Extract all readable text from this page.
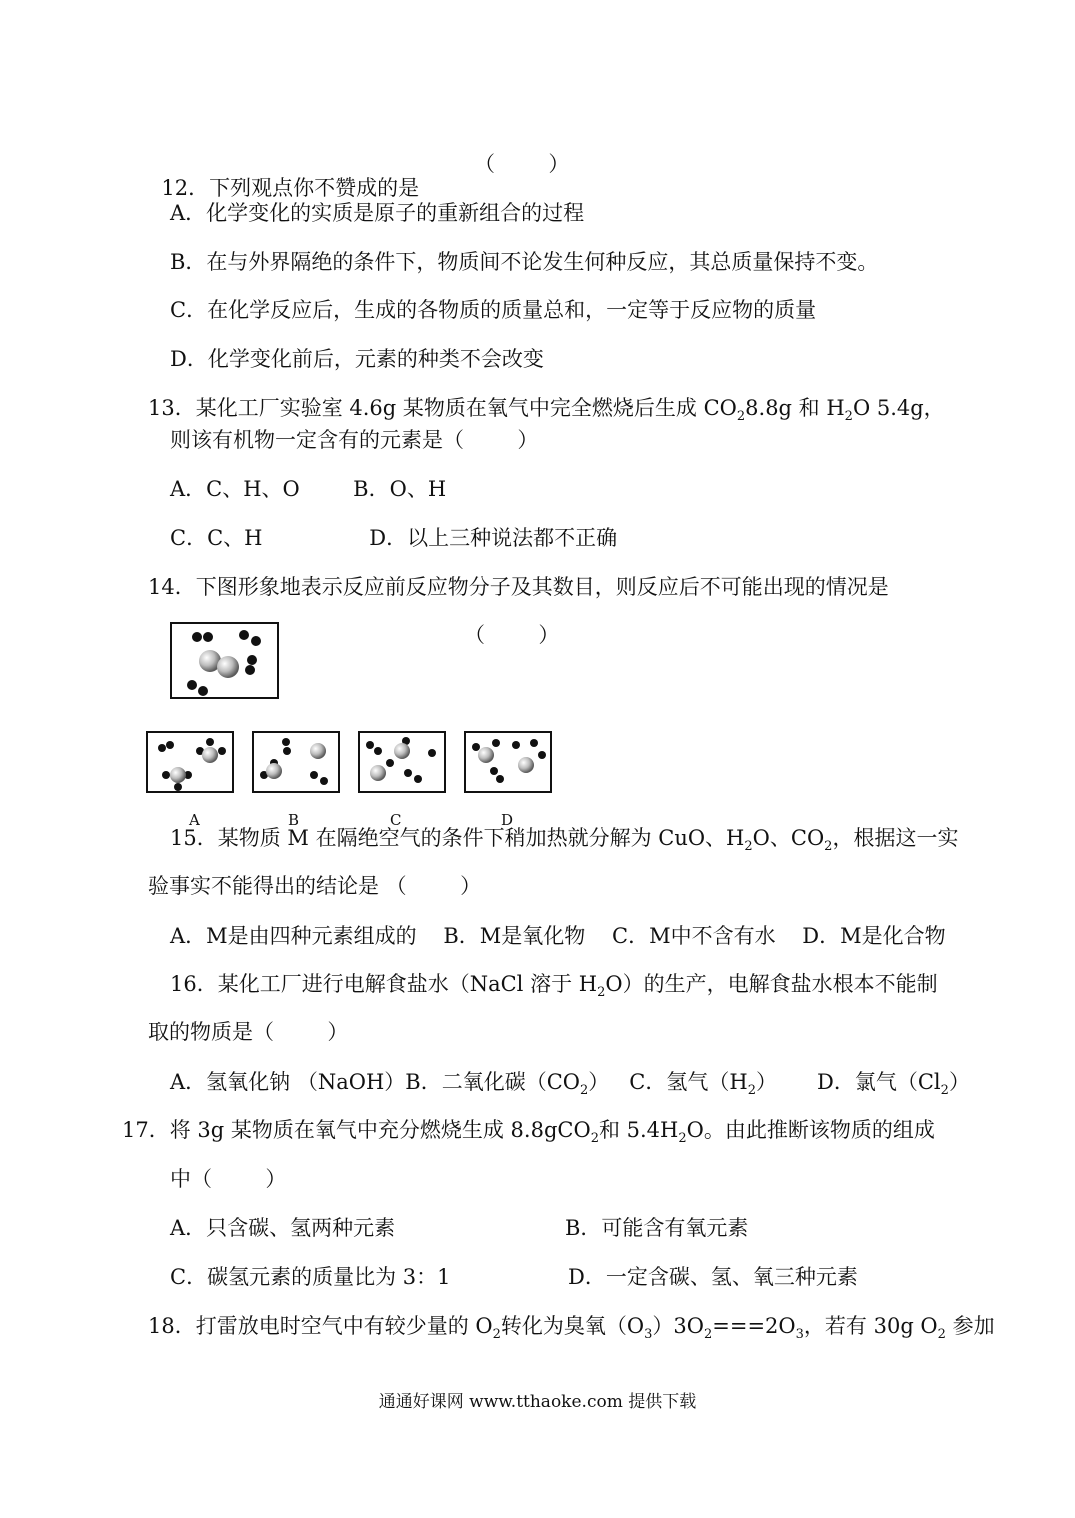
12．下列观点你不赞成的是

（        ）
A．化学变化的实质是原子的重新组合的过程
B．在与外界隔绝的条件下，物质间不论发生何种反应，其总质量保持不变。
C．在化学反应后，生成的各物质的质量总和，一定等于反应物的质量
D．化学变化前后，元素的种类不会改变
13．某化工厂实验室 4.6g 某物质在氧气中完全燃烧后生成 $CO_28.8g$ 和 $H_2O$ 5.4g，
则该有机物一定含有的元素是（        ）
A．C、H、O        B．O、H
C．C、H                D．以上三种说法都不正确
14．下图形象地表示反应前反应物分子及其数目，则反应后不可能出现的情况是
（        ）
A	B	C	D
15．某物质 M 在隔绝空气的条件下稍加热就分解为 CuO、$H_2O$、$CO_2$，根据这一实
验事实不能得出的结论是 （        ）
A．M是由四种元素组成的    B．M是氧化物    C．M中不含有水    D．M是化合物
16．某化工厂进行电解食盐水（NaCl 溶于 $H_2O$）的生产，电解食盐水根本不能制
取的物质是（        ）
A．氢氧化钠 （NaOH）B．二氧化碳$(CO_2)$   C．氢气$(H_2)$      D．氯气$(Cl_2)$
17．将 3g 某物质在氧气中充分燃烧生成 8.8gCO$_2$和 $5.4H_2O$。由此推断该物质的组成
中（        ）
A．只含碳、氢两种元素	B．可能含有氧元素
C．碳氢元素的质量比为 3：1	D．一定含碳、氢、氧三种元素
18．打雷放电时空气中有较少量的 $O_2$转化为臭氧$(O_3)3O_2===2O_3$，若有 30g $O_2$ 参加
通通好课网 www.tthaoke.com 提供下载
